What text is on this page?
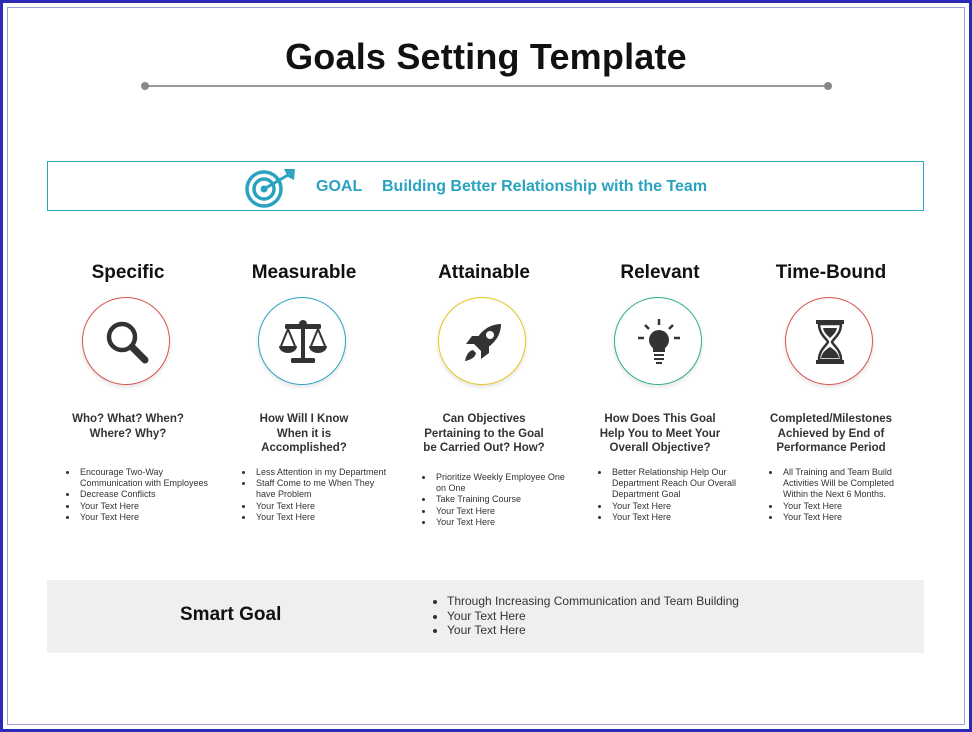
Goals Setting Template
GOAL Building Better Relationship with the Team
Specific
Who? What? When?
Where? Why?
• Encourage Two-Way Communication with Employees
• Decrease Conflicts
• Your Text Here
• Your Text Here
Measurable
How Will I Know
When it is
Accomplished?
• Less Attention in my Department
• Staff Come to me When They have Problem
• Your Text Here
• Your Text Here
Attainable
Can Objectives
Pertaining to the Goal
be Carried Out? How?
• Prioritize Weekly Employee One on One
• Take Training Course
• Your Text Here
• Your Text Here
Relevant
How Does This Goal
Help You to Meet Your
Overall Objective?
• Better Relationship Help Our Department Reach Our Overall Department Goal
• Your Text Here
• Your Text Here
Time-Bound
Completed/Milestones
Achieved by End of
Performance Period
• All Training and Team Build Activities Will be Completed Within the Next 6 Months.
• Your Text Here
• Your Text Here
Smart Goal
• Through Increasing Communication and Team Building
• Your Text Here
• Your Text Here
